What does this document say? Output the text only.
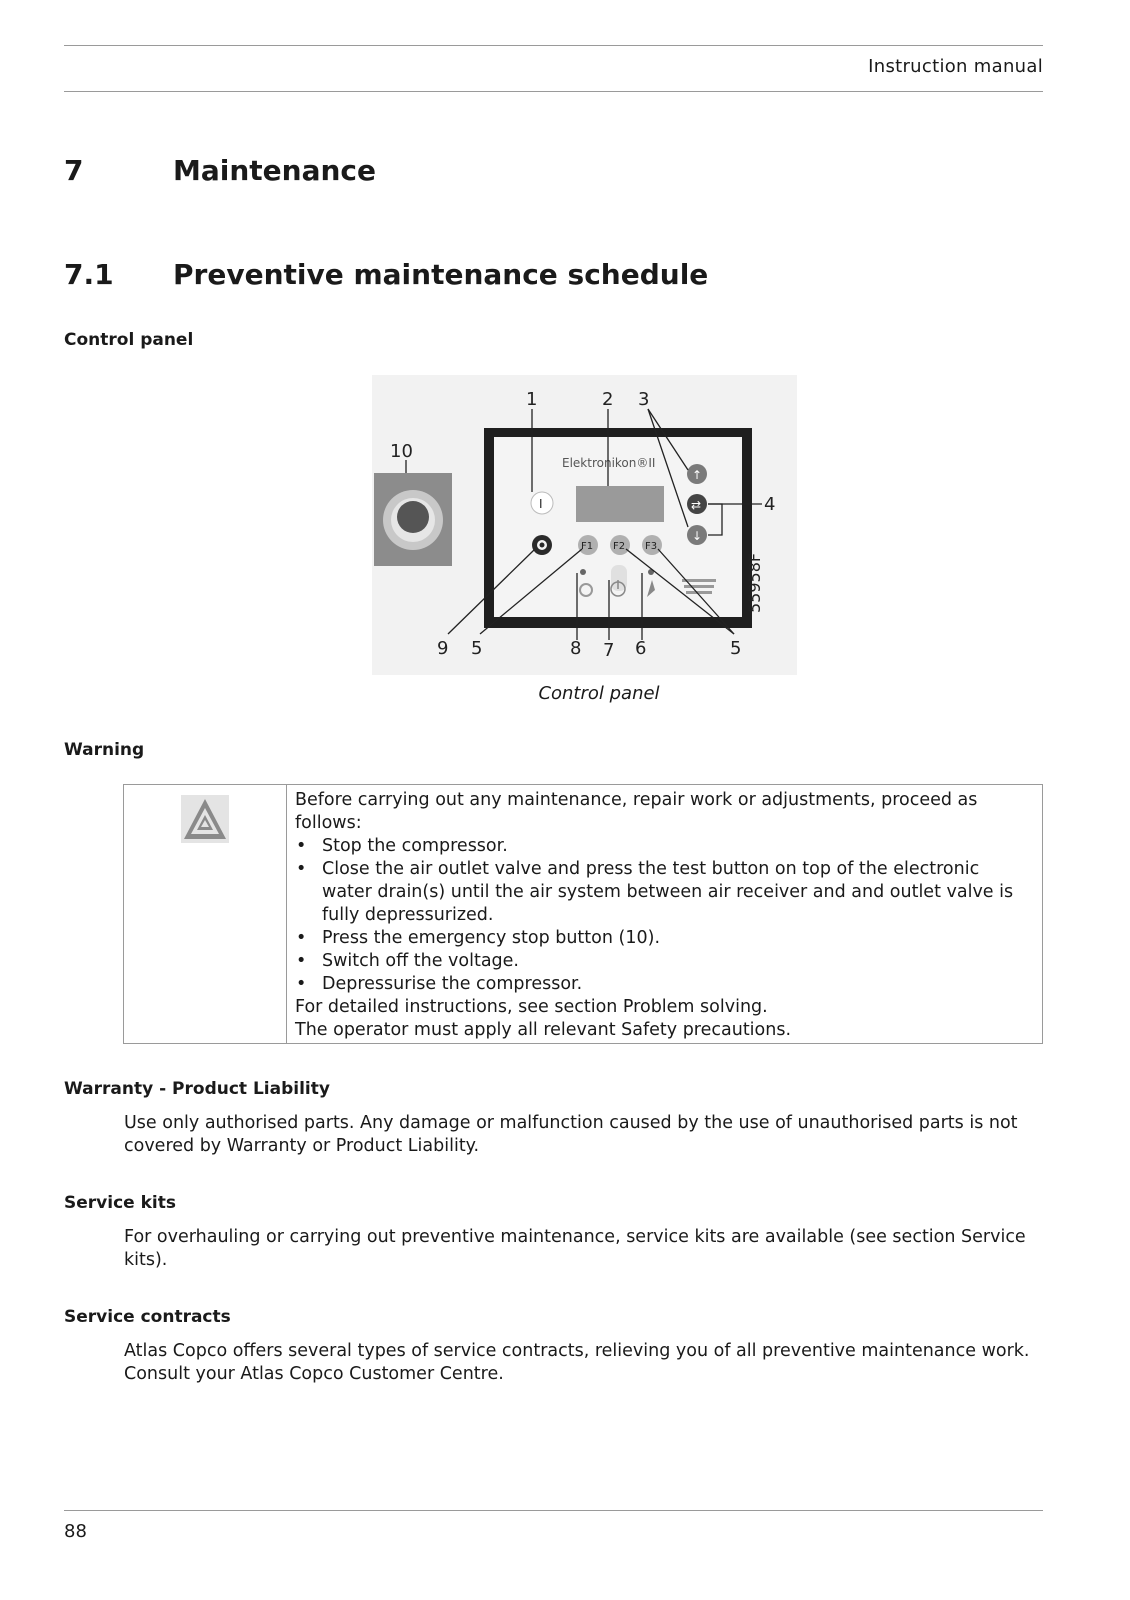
Instruction manual
7	Maintenance
7.1 Preventive maintenance schedule
Control panel
Elektronikon®II
I
F1 F2 F3
↑
⇄
↓
55958F
1	2 3
4
5	5
6
7
8
9
10
Control panel
Warning

Before carrying out any maintenance, repair work or adjustments, proceed as follows:

• Stop the compressor.
• Close the air outlet valve and press the test button on top of the electronic water drain(s) until the air system between air receiver and and outlet valve is fully depressurized.
• Press the emergency stop button (10).
• Switch off the voltage.
• Depressurise the compressor.

For detailed instructions, see section Problem solving.

The operator must apply all relevant Safety precautions.

Warranty - Product Liability
Use only authorised parts. Any damage or malfunction caused by the use of unauthorised parts is not covered by Warranty or Product Liability.
Service kits
For overhauling or carrying out preventive maintenance, service kits are available (see section Service kits).
Service contracts
Atlas Copco offers several types of service contracts, relieving you of all preventive maintenance work. Consult your Atlas Copco Customer Centre.
88
